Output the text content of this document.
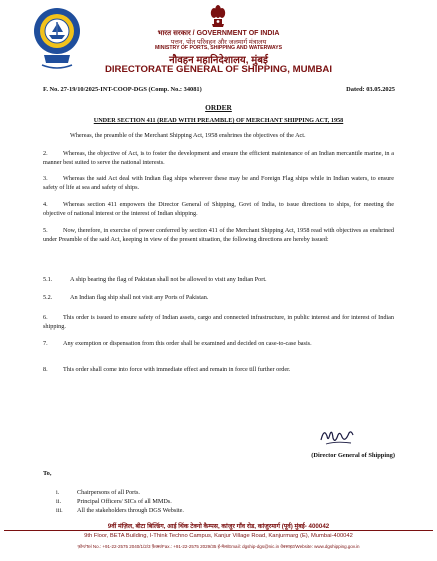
भारत सरकार / GOVERNMENT OF INDIA
पत्तन, पोत परिवहन और जलमार्ग मंत्रालय
MINISTRY OF PORTS, SHIPPING AND WATERWAYS
नौवहन महानिदेशालय, मुंबई
DIRECTORATE GENERAL OF SHIPPING, MUMBAI
F. No. 27-19/10/2025-INT-COOP-DGS (Comp. No.: 34081)	Dated: 03.05.2025
ORDER
UNDER SECTION 411 (READ WITH PREAMBLE) OF MERCHANT SHIPPING ACT, 1958
Whereas, the preamble of the Merchant Shipping Act, 1958 enshrines the objectives of the Act.
2. Whereas, the objective of Act, is to foster the development and ensure the efficient maintenance of an Indian mercantile marine, in a manner best suited to serve the national interests.
3. Whereas the said Act deal with Indian flag ships wherever these may be and Foreign Flag ships while in Indian waters, to ensure safety of life at sea and safety of ships.
4. Whereas section 411 empowers the Director General of Shipping, Govt of India, to issue directions to ships, for meeting the objective of national interest or the interest of Indian shipping.
5. Now, therefore, in exercise of power conferred by section 411 of the Merchant Shipping Act, 1958 read with objectives as enshrined under Preamble of the said Act, keeping in view of the present situation, the following directions are hereby issued:
5.1.	A ship bearing the flag of Pakistan shall not be allowed to visit any Indian Port.
5.2.	An Indian flag ship shall not visit any Ports of Pakistan.
6. This order is issued to ensure safety of Indian assets, cargo and connected infrastructure, in public interest and for interest of Indian shipping.
7. Any exemption or dispensation from this order shall be examined and decided on case-to-case basis.
8. This order shall come into force with immediate effect and remain in force till further order.
(Director General of Shipping)
To,
i.	Chairpersons of all Ports.
ii.	Principal Officers/ SICs of all MMDs.
iii. All the stakeholders through DGS Website.
9वीं मंज़िल, बीटा बिल्डिंग, आई थिंक टेक्नो कैम्पस, कांजुर गाँव रोड, कांजुरमार्ग (पूर्व) मुंबई- 400042
9th Floor, BETA Building, I-Think Techno Campus, Kanjur Village Road, Kanjurmarg (E), Mumbai-400042
फ़ोन/Tel No.: +91-22-2575 2040/1/2/3 फ़ैक्स/Fax.: +91-22-2575 2029/35 ई-मेल/Email: dgship-dgs@nic.in वेबसाइट/Website: www.dgshipping.gov.in
